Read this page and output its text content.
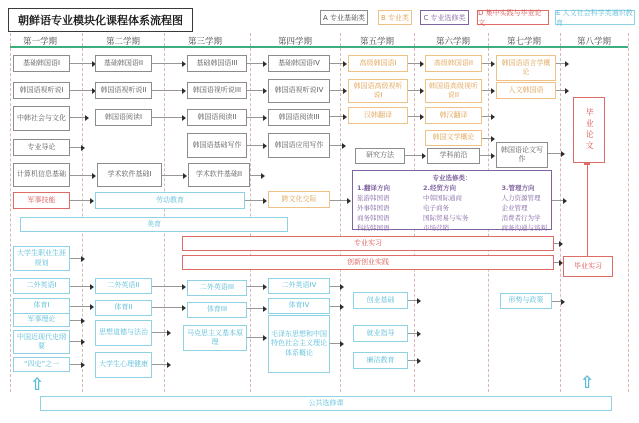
朝鲜语专业模块化课程体系流程图	A 专业基础类	B 专业类	C 专业选修类
D 集中实践与毕业论文
E 人文社会科学类通识教育
第一学期	第二学期	第三学期	第四学期	第五学期	第六学期	第七学期	第八学期
基础韩国语I	基础韩国语II	基础韩国语III	基础韩国语IV	高级韩国语I	高级韩国语II	韩国语语言学概论
韩国语视听说I	韩国语视听说II	韩国语视听说III	韩国语视听说IV
韩国语高级视听说I
韩国语高级视听说II
人文韩国语
中韩社会与文化	韩国语阅读I	韩国语阅读II	韩国语阅读III	汉韩翻译	韩汉翻译
专业导论	韩国语基础写作	韩国语应用写作
韩国文学概论
研究方法	学科前沿
韩国语论文写作
计算机信息基础	学术软件基础I	学术软件基础II
军事技能	劳动教育	跨文化交际
美育
专业选修类：
1.翻译方向
旅游韩国语
外事韩国语
商务韩国语
科技韩国语
2.经贸方向
中韩国际通商
电子商务
国际贸易与实务
市场营销
3.管理方向
人力资源管理
企业管理
消费者行为学
商务沟通与谈判
毕业论文
专业实习
创新创业实践	毕业实习
大学生职业生涯规划
二外英语I	二外英语II	二外英语III	二外英语IV
体育I	体育II	体育III	体育IV
军事理论
中国近现代史纲要
“四史”之一
思想道德与法治
大学生心理健康
马克思主义基本原理
毛泽东思想和中国特色社会主义理论体系概论
创业基础
就业指导
廉洁教育
形势与政策
公共选修课
⇧	⇧
